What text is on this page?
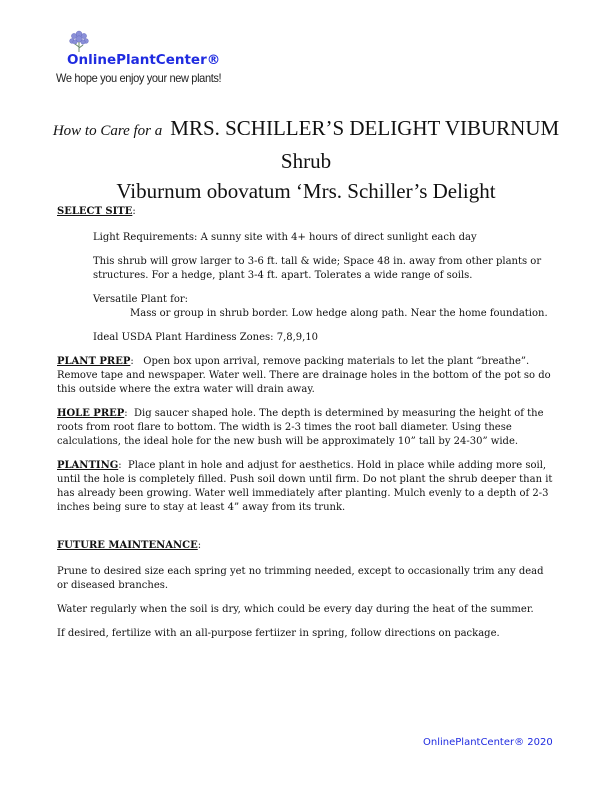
OnlinePlantCenter®
We hope you enjoy your new plants!
How to Care for a MRS. SCHILLER’S DELIGHT VIBURNUM
Shrub
Viburnum obovatum ‘Mrs. Schiller’s Delight

SELECT SITE:

Light Requirements: A sunny site with 4+ hours of direct sunlight each day

This shrub will grow larger to 3-6 ft. tall & wide; Space 48 in. away from other plants or structures. For a hedge, plant 3-4 ft. apart. Tolerates a wide range of soils.

Versatile Plant for:

Mass or group in shrub border. Low hedge along path. Near the home foundation.

Ideal USDA Plant Hardiness Zones: 7,8,9,10

PLANT PREP:   Open box upon arrival, remove packing materials to let the plant “breathe”. Remove tape and newspaper. Water well. There are drainage holes in the bottom of the pot so do this outside where the extra water will drain away.

HOLE PREP:  Dig saucer shaped hole. The depth is determined by measuring the height of the roots from root flare to bottom. The width is 2-3 times the root ball diameter. Using these calculations, the ideal hole for the new bush will be approximately 10” tall by 24-30” wide.

PLANTING:  Place plant in hole and adjust for aesthetics. Hold in place while adding more soil, until the hole is completely filled. Push soil down until firm. Do not plant the shrub deeper than it has already been growing. Water well immediately after planting. Mulch evenly to a depth of 2-3 inches being sure to stay at least 4” away from its trunk.

FUTURE MAINTENANCE:

Prune to desired size each spring yet no trimming needed, except to occasionally trim any dead or diseased branches.

Water regularly when the soil is dry, which could be every day during the heat of the summer.

If desired, fertilize with an all-purpose fertiizer in spring, follow directions on package.

OnlinePlantCenter® 2020
